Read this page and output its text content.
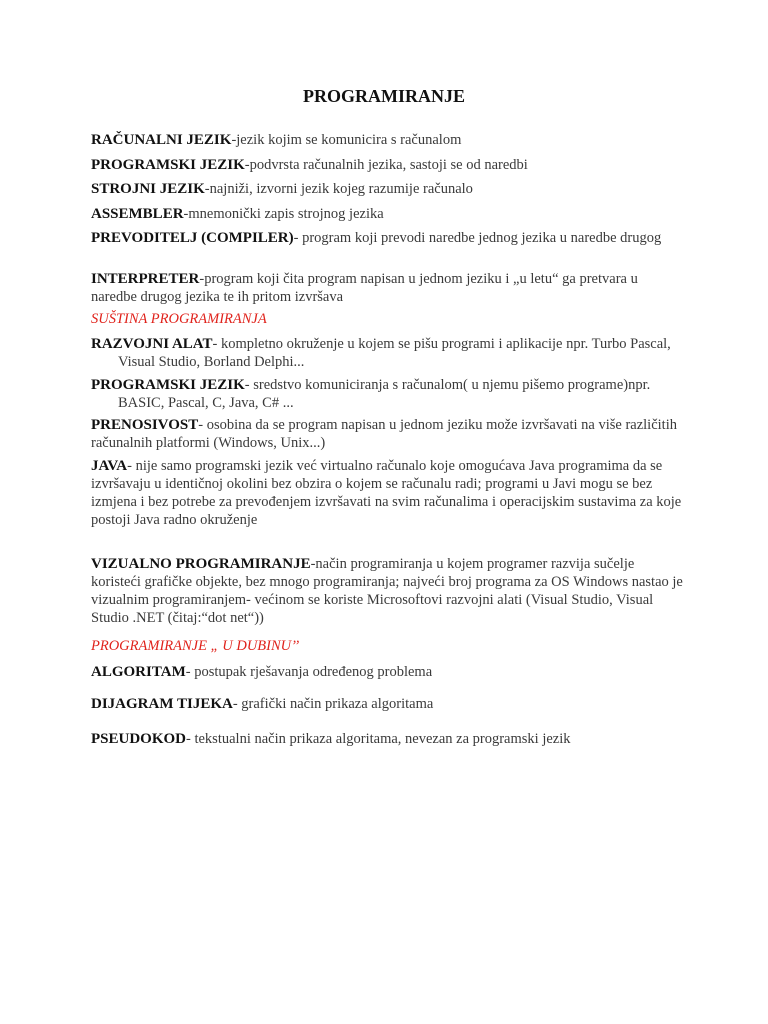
PROGRAMIRANJE

RAČUNALNI JEZIK-jezik kojim se komunicira s računalom

PROGRAMSKI JEZIK-podvrsta računalnih jezika, sastoji se od naredbi

STROJNI JEZIK-najniži, izvorni jezik kojeg razumije računalo

ASSEMBLER-mnemonički zapis strojnog jezika

PREVODITELJ (COMPILER)- program koji prevodi naredbe jednog jezika u naredbe drugog

INTERPRETER-program koji čita program napisan u jednom jeziku i „u letu“ ga pretvara u naredbe drugog jezika te ih pritom izvršava

SUŠTINA PROGRAMIRANJA

RAZVOJNI ALAT- kompletno okruženje u kojem se pišu programi i aplikacije npr. Turbo Pascal, Visual Studio, Borland Delphi...

PROGRAMSKI JEZIK- sredstvo komuniciranja s računalom( u njemu pišemo programe)npr. BASIC, Pascal, C, Java, C# ...

PRENOSIVOST- osobina da se program napisan u jednom jeziku može izvršavati na više različitih računalnih platformi (Windows, Unix...)

JAVA- nije samo programski jezik već virtualno računalo koje omogućava Java programima da se izvršavaju u identičnoj okolini bez obzira o kojem se računalu radi; programi u Javi mogu se bez izmjena i bez potrebe za prevođenjem izvršavati na svim računalima i operacijskim sustavima za koje postoji Java radno okruženje

VIZUALNO PROGRAMIRANJE-način programiranja u kojem programer razvija sučelje koristeći grafičke objekte, bez mnogo programiranja; najveći broj programa za OS Windows nastao je vizualnim programiranjem- većinom se koriste Microsoftovi razvojni alati (Visual Studio, Visual Studio .NET (čitaj:“dot net“))

PROGRAMIRANJE „ U DUBINU’’

ALGORITAM- postupak rješavanja određenog problema

DIJAGRAM TIJEKA- grafički način prikaza algoritama

PSEUDOKOD- tekstualni način prikaza algoritama, nevezan za programski jezik
